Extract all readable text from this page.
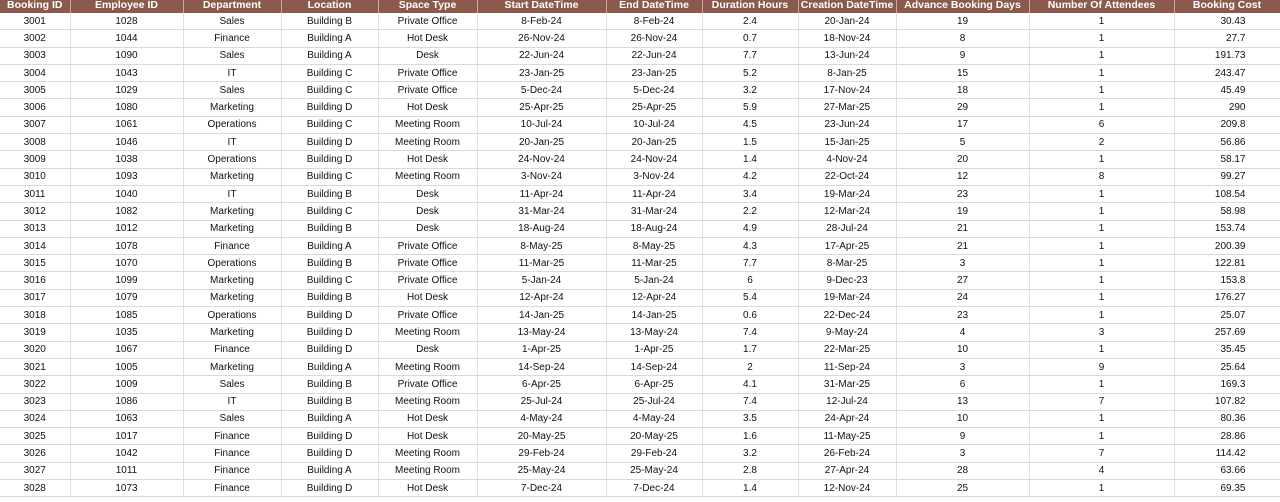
Booking ID	Employee ID	Department	Location	Space Type	Start DateTime	End DateTime	Duration Hours	Creation DateTime	Advance Booking Days	Number Of Attendees	Booking Cost	
3001	1028	Sales	Building B	Private Office	8-Feb-24	8-Feb-24	2.4	20-Jan-24	19	1	30.43	
3002	1044	Finance	Building A	Hot Desk	26-Nov-24	26-Nov-24	0.7	18-Nov-24	8	1	27.7	
3003	1090	Sales	Building A	Desk	22-Jun-24	22-Jun-24	7.7	13-Jun-24	9	1	191.73	
3004	1043	IT	Building C	Private Office	23-Jan-25	23-Jan-25	5.2	8-Jan-25	15	1	243.47	
3005	1029	Sales	Building C	Private Office	5-Dec-24	5-Dec-24	3.2	17-Nov-24	18	1	45.49	
3006	1080	Marketing	Building D	Hot Desk	25-Apr-25	25-Apr-25	5.9	27-Mar-25	29	1	290	
3007	1061	Operations	Building C	Meeting Room	10-Jul-24	10-Jul-24	4.5	23-Jun-24	17	6	209.8	
3008	1046	IT	Building D	Meeting Room	20-Jan-25	20-Jan-25	1.5	15-Jan-25	5	2	56.86	
3009	1038	Operations	Building D	Hot Desk	24-Nov-24	24-Nov-24	1.4	4-Nov-24	20	1	58.17	
3010	1093	Marketing	Building C	Meeting Room	3-Nov-24	3-Nov-24	4.2	22-Oct-24	12	8	99.27	
3011	1040	IT	Building B	Desk	11-Apr-24	11-Apr-24	3.4	19-Mar-24	23	1	108.54	
3012	1082	Marketing	Building C	Desk	31-Mar-24	31-Mar-24	2.2	12-Mar-24	19	1	58.98	
3013	1012	Marketing	Building B	Desk	18-Aug-24	18-Aug-24	4.9	28-Jul-24	21	1	153.74	
3014	1078	Finance	Building A	Private Office	8-May-25	8-May-25	4.3	17-Apr-25	21	1	200.39	
3015	1070	Operations	Building B	Private Office	11-Mar-25	11-Mar-25	7.7	8-Mar-25	3	1	122.81	
3016	1099	Marketing	Building C	Private Office	5-Jan-24	5-Jan-24	6	9-Dec-23	27	1	153.8	
3017	1079	Marketing	Building B	Hot Desk	12-Apr-24	12-Apr-24	5.4	19-Mar-24	24	1	176.27	
3018	1085	Operations	Building D	Private Office	14-Jan-25	14-Jan-25	0.6	22-Dec-24	23	1	25.07	
3019	1035	Marketing	Building D	Meeting Room	13-May-24	13-May-24	7.4	9-May-24	4	3	257.69	
3020	1067	Finance	Building D	Desk	1-Apr-25	1-Apr-25	1.7	22-Mar-25	10	1	35.45	
3021	1005	Marketing	Building A	Meeting Room	14-Sep-24	14-Sep-24	2	11-Sep-24	3	9	25.64	
3022	1009	Sales	Building B	Private Office	6-Apr-25	6-Apr-25	4.1	31-Mar-25	6	1	169.3	
3023	1086	IT	Building B	Meeting Room	25-Jul-24	25-Jul-24	7.4	12-Jul-24	13	7	107.82	
3024	1063	Sales	Building A	Hot Desk	4-May-24	4-May-24	3.5	24-Apr-24	10	1	80.36	
3025	1017	Finance	Building D	Hot Desk	20-May-25	20-May-25	1.6	11-May-25	9	1	28.86	
3026	1042	Finance	Building D	Meeting Room	29-Feb-24	29-Feb-24	3.2	26-Feb-24	3	7	114.42	
3027	1011	Finance	Building A	Meeting Room	25-May-24	25-May-24	2.8	27-Apr-24	28	4	63.66	
3028	1073	Finance	Building D	Hot Desk	7-Dec-24	7-Dec-24	1.4	12-Nov-24	25	1	69.35	
